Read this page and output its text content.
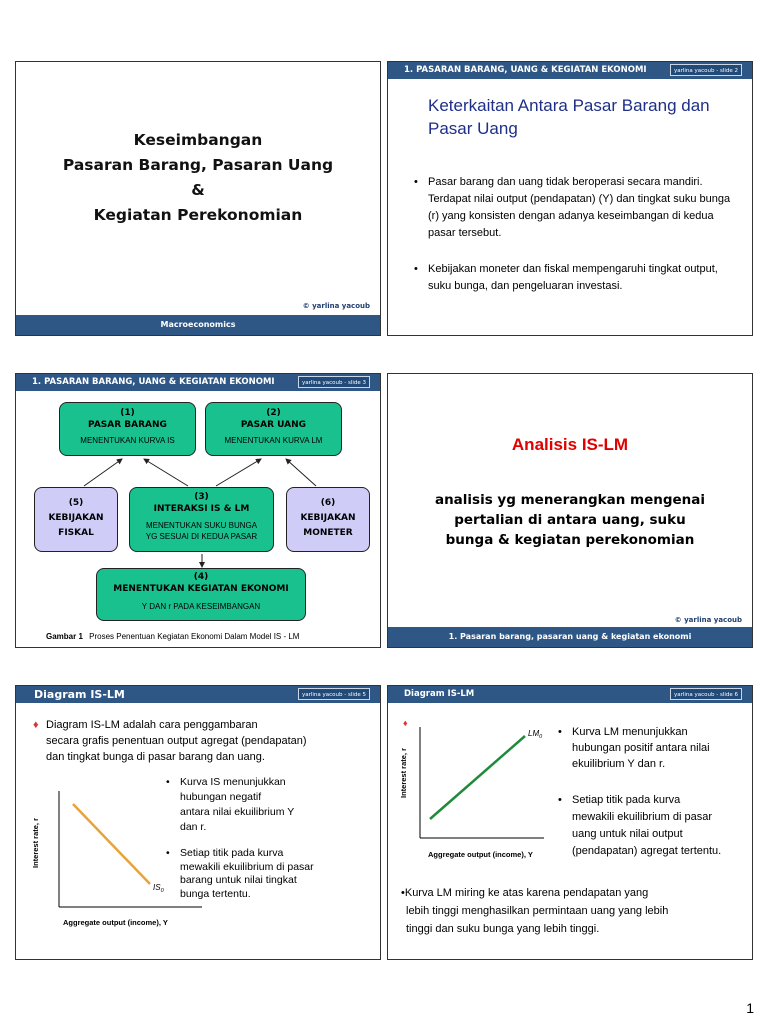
Keseimbangan
Pasaran Barang, Pasaran Uang
&
Kegiatan Perekonomian
© yarlina yacoub
Macroeconomics
1. PASARAN BARANG, UANG & KEGIATAN EKONOMI	yarlina yacoub - slide 2
Keterkaitan Antara Pasar Barang dan Pasar Uang
• Pasar barang dan uang tidak beroperasi secara mandiri. Terdapat nilai output (pendapatan) (Y) dan tingkat suku bunga (r) yang konsisten dengan adanya keseimbangan di kedua pasar tersebut.
• Kebijakan moneter dan fiskal mempengaruhi tingkat output, suku bunga, dan pengeluaran investasi.
1. PASARAN BARANG, UANG & KEGIATAN EKONOMI	yarlina yacoub - slide 3
(1)
PASAR BARANG
MENENTUKAN KURVA IS
(2)
PASAR UANG
MENENTUKAN KURVA LM
(5)
KEBIJAKAN
FISKAL
(3)
INTERAKSI IS & LM
MENENTUKAN SUKU BUNGA
YG SESUAI DI KEDUA PASAR
(6)
KEBIJAKAN
MONETER
(4)
MENENTUKAN KEGIATAN EKONOMI
Y DAN r PADA KESEIMBANGAN
Gambar 1 Proses Penentuan Kegiatan Ekonomi Dalam Model IS - LM
Analisis IS-LM
analisis yg menerangkan mengenai
pertalian di antara uang, suku
bunga & kegiatan perekonomian
© yarlina yacoub
1. Pasaran barang, pasaran uang & kegiatan ekonomi
Diagram IS-LM	yarlina yacoub - slide 5
♦ Diagram IS-LM adalah cara penggambaran
secara grafis penentuan output agregat (pendapatan)
dan tingkat bunga di pasar barang dan uang.
• Kurva IS menunjukkan
hubungan negatif
antara nilai ekuilibrium Y
dan r.
• Setiap titik pada kurva
mewakili ekuilibrium di pasar
barang untuk nilai tingkat
bunga tertentu.
Interest rate, r
Aggregate output (income), Y
$IS_0$
Diagram IS-LM	yarlina yacoub - slide 6
♦
Interest rate, r
Aggregate output (income), Y
$LM_0$ • Kurva LM menunjukkan
hubungan positif antara nilai
ekuilibrium Y dan r.
• Setiap titik pada kurva
mewakili ekuilibrium di pasar
uang untuk nilai output
(pendapatan) agregat tertentu.
•Kurva LM miring ke atas karena pendapatan yang
lebih tinggi menghasilkan permintaan uang yang lebih
tinggi dan suku bunga yang lebih tinggi.
1
